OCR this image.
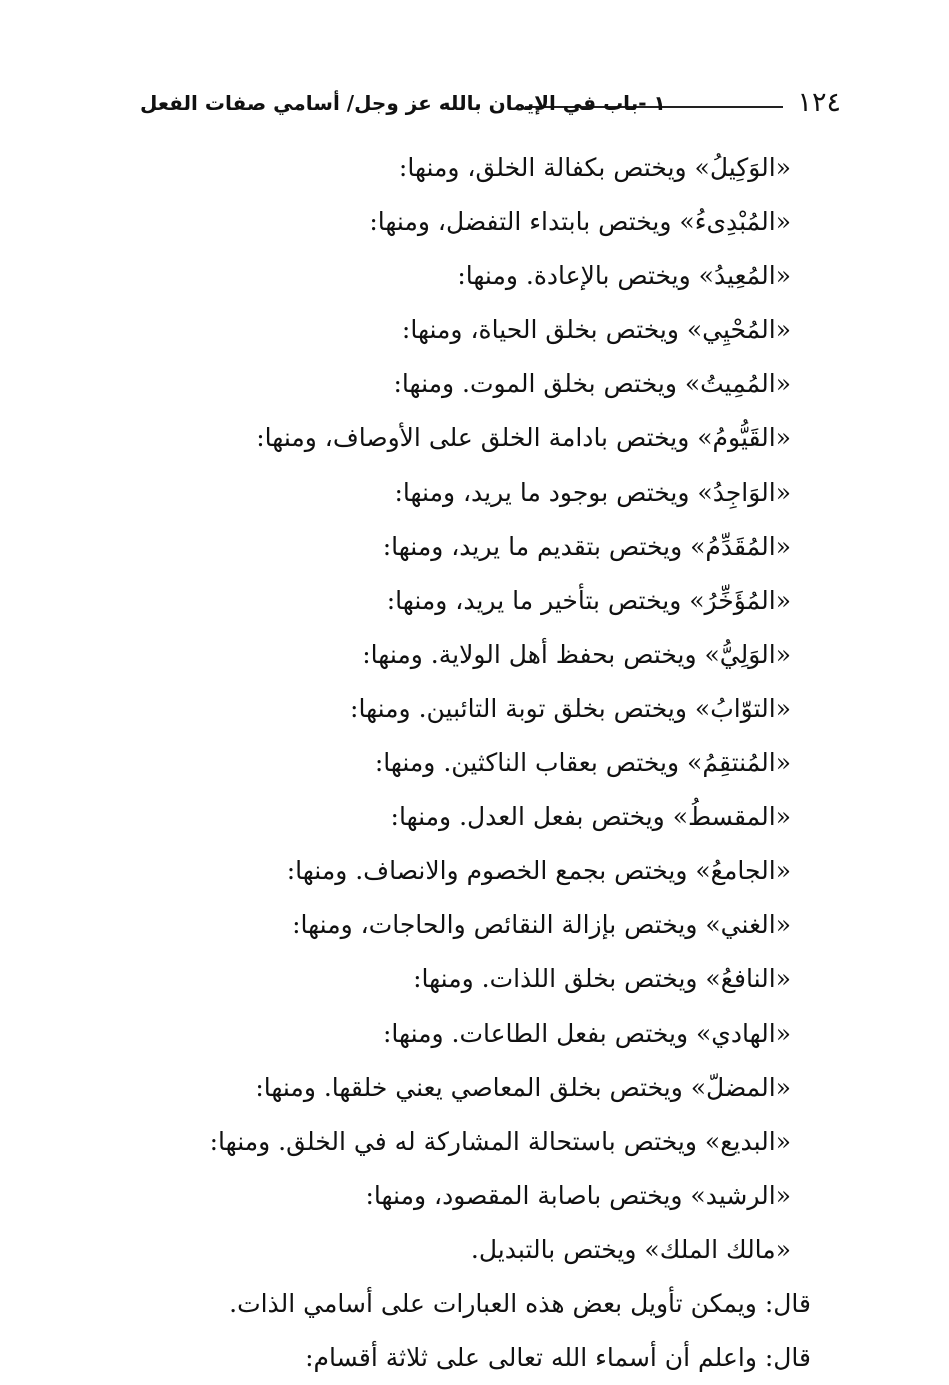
١٢٤
١ -باب في الإيمان بالله عز وجل/ أسامي صفات الفعل
«الوَكِيلُ» ويختص بكفالة الخلق، ومنها:
«المُبْدِىءُ» ويختص بابتداء التفضل، ومنها:
«المُعِيدُ» ويختص بالإعادة. ومنها:
«المُحْيِي» ويختص بخلق الحياة، ومنها:
«المُمِيتُ» ويختص بخلق الموت. ومنها:
«القَيُّومُ» ويختص بادامة الخلق على الأوصاف، ومنها:
«الوَاجِدُ» ويختص بوجود ما يريد، ومنها:
«المُقَدِّمُ» ويختص بتقديم ما يريد، ومنها:
«المُؤَخِّرُ» ويختص بتأخير ما يريد، ومنها:
«الوَلِيُّ» ويختص بحفظ أهل الولاية. ومنها:
«التوّابُ» ويختص بخلق توبة التائبين. ومنها:
«المُنتقِمُ» ويختص بعقاب الناكثين. ومنها:
«المقسطُ» ويختص بفعل العدل. ومنها:
«الجامعُ» ويختص بجمع الخصوم والانصاف. ومنها:
«الغني» ويختص بإزالة النقائص والحاجات، ومنها:
«النافعُ» ويختص بخلق اللذات. ومنها:
«الهادي» ويختص بفعل الطاعات. ومنها:
«المضلّ» ويختص بخلق المعاصي يعني خلقها. ومنها:
«البديع» ويختص باستحالة المشاركة له في الخلق. ومنها:
«الرشيد» ويختص باصابة المقصود، ومنها:
«مالك الملك» ويختص بالتبديل.
قال: ويمكن تأويل بعض هذه العبارات على أسامي الذات.
قال: واعلم أن أسماء الله تعالى على ثلاثة أقسام:
